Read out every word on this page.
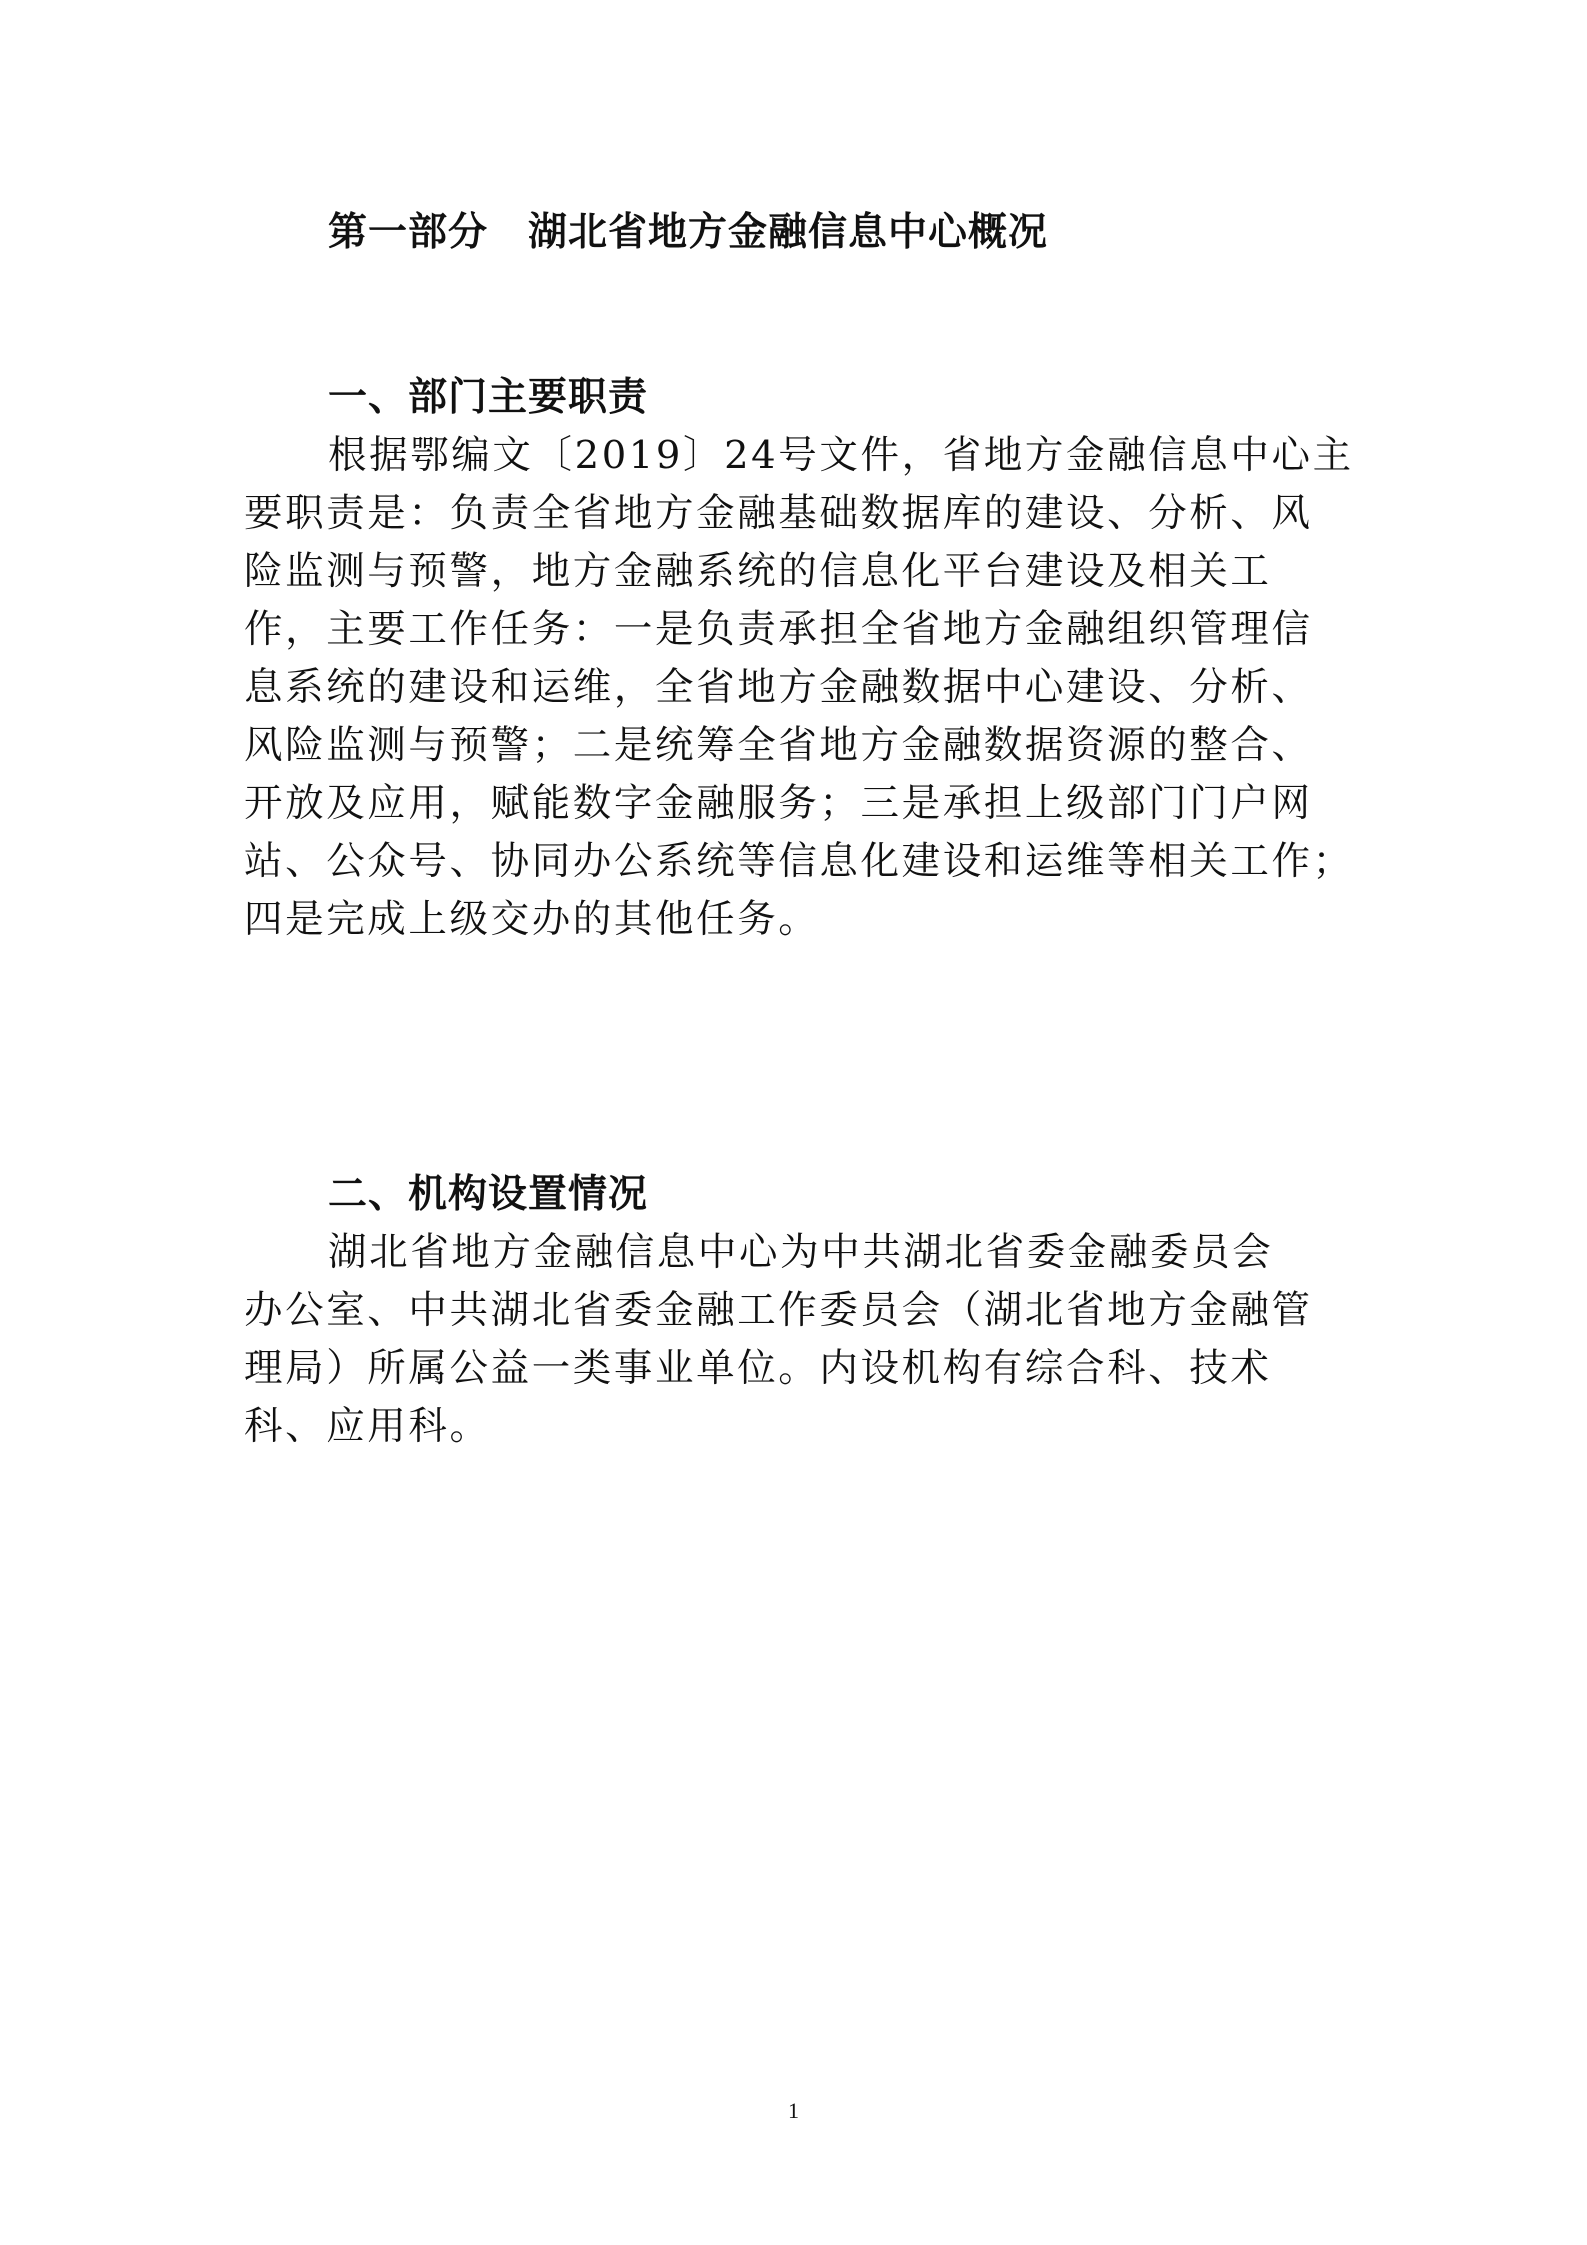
第一部分 湖北省地方金融信息中心概况
一、部门主要职责

根据鄂编文〔2019〕24号文件，省地方金融信息中心主

要职责是：负责全省地方金融基础数据库的建设、分析、风

险监测与预警，地方金融系统的信息化平台建设及相关工

作，主要工作任务：一是负责承担全省地方金融组织管理信

息系统的建设和运维，全省地方金融数据中心建设、分析、

风险监测与预警；二是统筹全省地方金融数据资源的整合、

开放及应用，赋能数字金融服务；三是承担上级部门门户网

站、公众号、协同办公系统等信息化建设和运维等相关工作；

四是完成上级交办的其他任务。

二、机构设置情况

湖北省地方金融信息中心为中共湖北省委金融委员会

办公室、中共湖北省委金融工作委员会（湖北省地方金融管

理局）所属公益一类事业单位。内设机构有综合科、技术

科、应用科。

1
